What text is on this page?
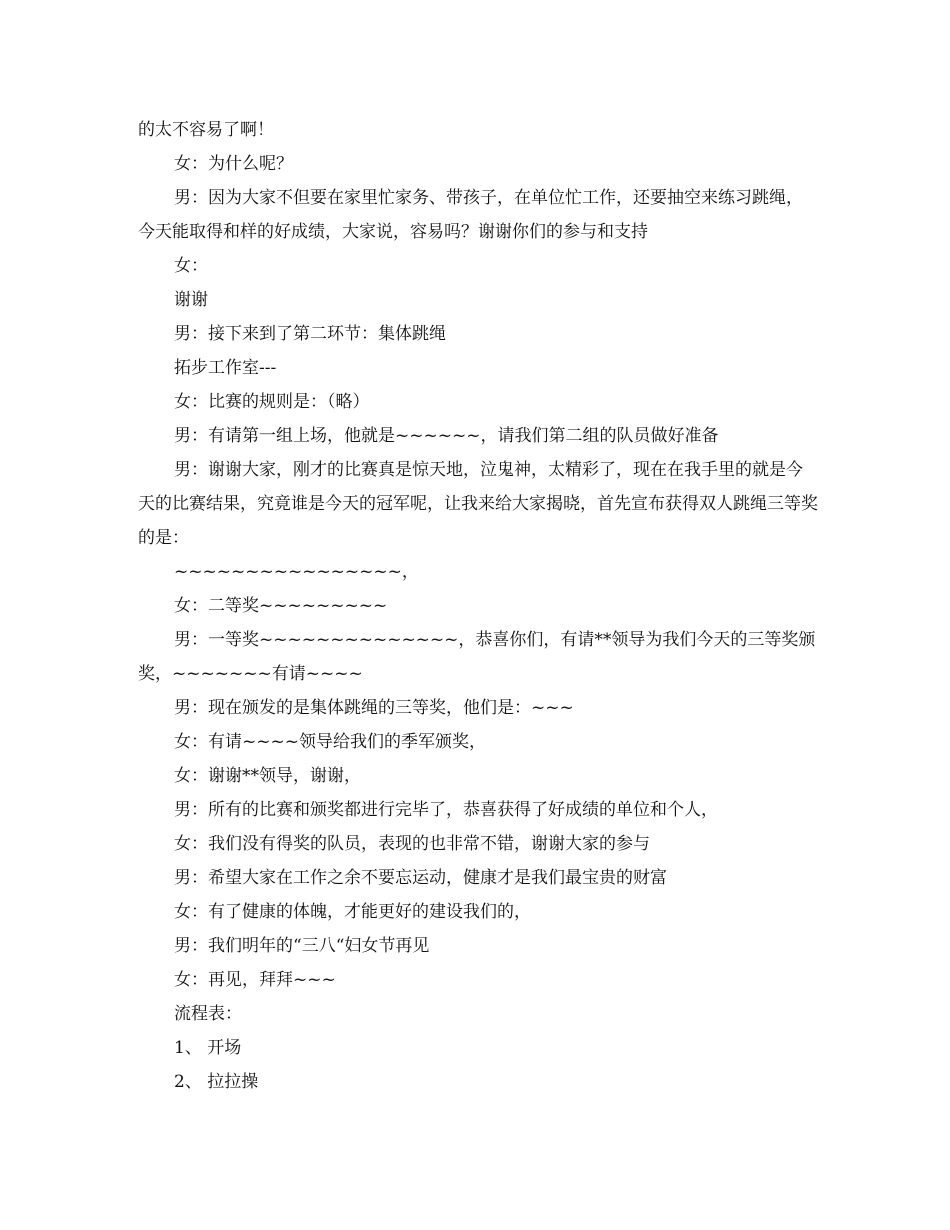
的太不容易了啊！

女：为什么呢？

男：因为大家不但要在家里忙家务、带孩子，在单位忙工作，还要抽空来练习跳绳，今天能取得和样的好成绩，大家说，容易吗？谢谢你们的参与和支持

女：

谢谢

男：接下来到了第二环节：集体跳绳

拓步工作室---

女：比赛的规则是：（略）

男：有请第一组上场，他就是~~~~~~，请我们第二组的队员做好准备

男：谢谢大家，刚才的比赛真是惊天地，泣鬼神，太精彩了，现在在我手里的就是今天的比赛结果，究竟谁是今天的冠军呢，让我来给大家揭晓，首先宣布获得双人跳绳三等奖的是：

~~~~~~~~~~~~~~~~，

女：二等奖~~~~~~~~~

男：一等奖~~~~~~~~~~~~~~，恭喜你们，有请**领导为我们今天的三等奖颁奖，~~~~~~~有请~~~~

男：现在颁发的是集体跳绳的三等奖，他们是：~~~

女：有请~~~~领导给我们的季军颁奖，

女：谢谢**领导，谢谢，

男：所有的比赛和颁奖都进行完毕了，恭喜获得了好成绩的单位和个人，

女：我们没有得奖的队员，表现的也非常不错，谢谢大家的参与

男：希望大家在工作之余不要忘运动，健康才是我们最宝贵的财富

女：有了健康的体魄，才能更好的建设我们的，

男：我们明年的“三八“妇女节再见

女：再见，拜拜~~~

流程表：

1、 开场

2、 拉拉操
